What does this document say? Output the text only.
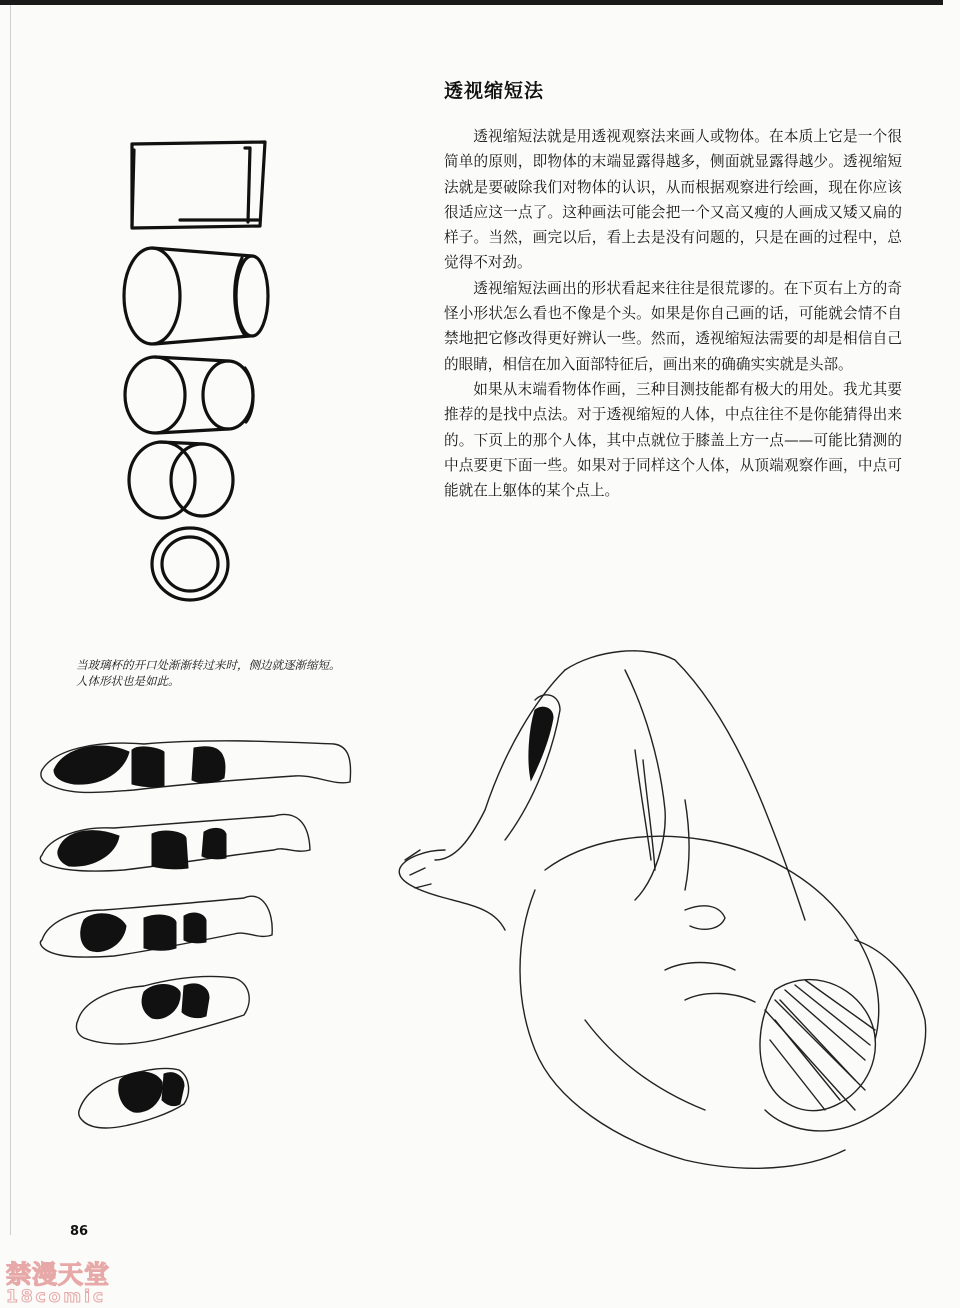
透视缩短法

透视缩短法就是用透视观察法来画人或物体。在本质上它是一个很简单的原则，即物体的末端显露得越多，侧面就显露得越少。透视缩短法就是要破除我们对物体的认识，从而根据观察进行绘画，现在你应该很适应这一点了。这种画法可能会把一个又高又瘦的人画成又矮又扁的样子。当然，画完以后，看上去是没有问题的，只是在画的过程中，总觉得不对劲。

透视缩短法画出的形状看起来往往是很荒谬的。在下页右上方的奇怪小形状怎么看也不像是个头。如果是你自己画的话，可能就会情不自禁地把它修改得更好辨认一些。然而，透视缩短法需要的却是相信自己的眼睛，相信在加入面部特征后，画出来的确确实实就是头部。

如果从末端看物体作画，三种目测技能都有极大的用处。我尤其要推荐的是找中点法。对于透视缩短的人体，中点往往不是你能猜得出来的。下页上的那个人体，其中点就位于膝盖上方一点——可能比猜测的中点要更下面一些。如果对于同样这个人体，从顶端观察作画，中点可能就在上躯体的某个点上。

当玻璃杯的开口处渐渐转过来时，侧边就逐渐缩短。人体形状也是如此。
86
禁漫天堂
18comic
